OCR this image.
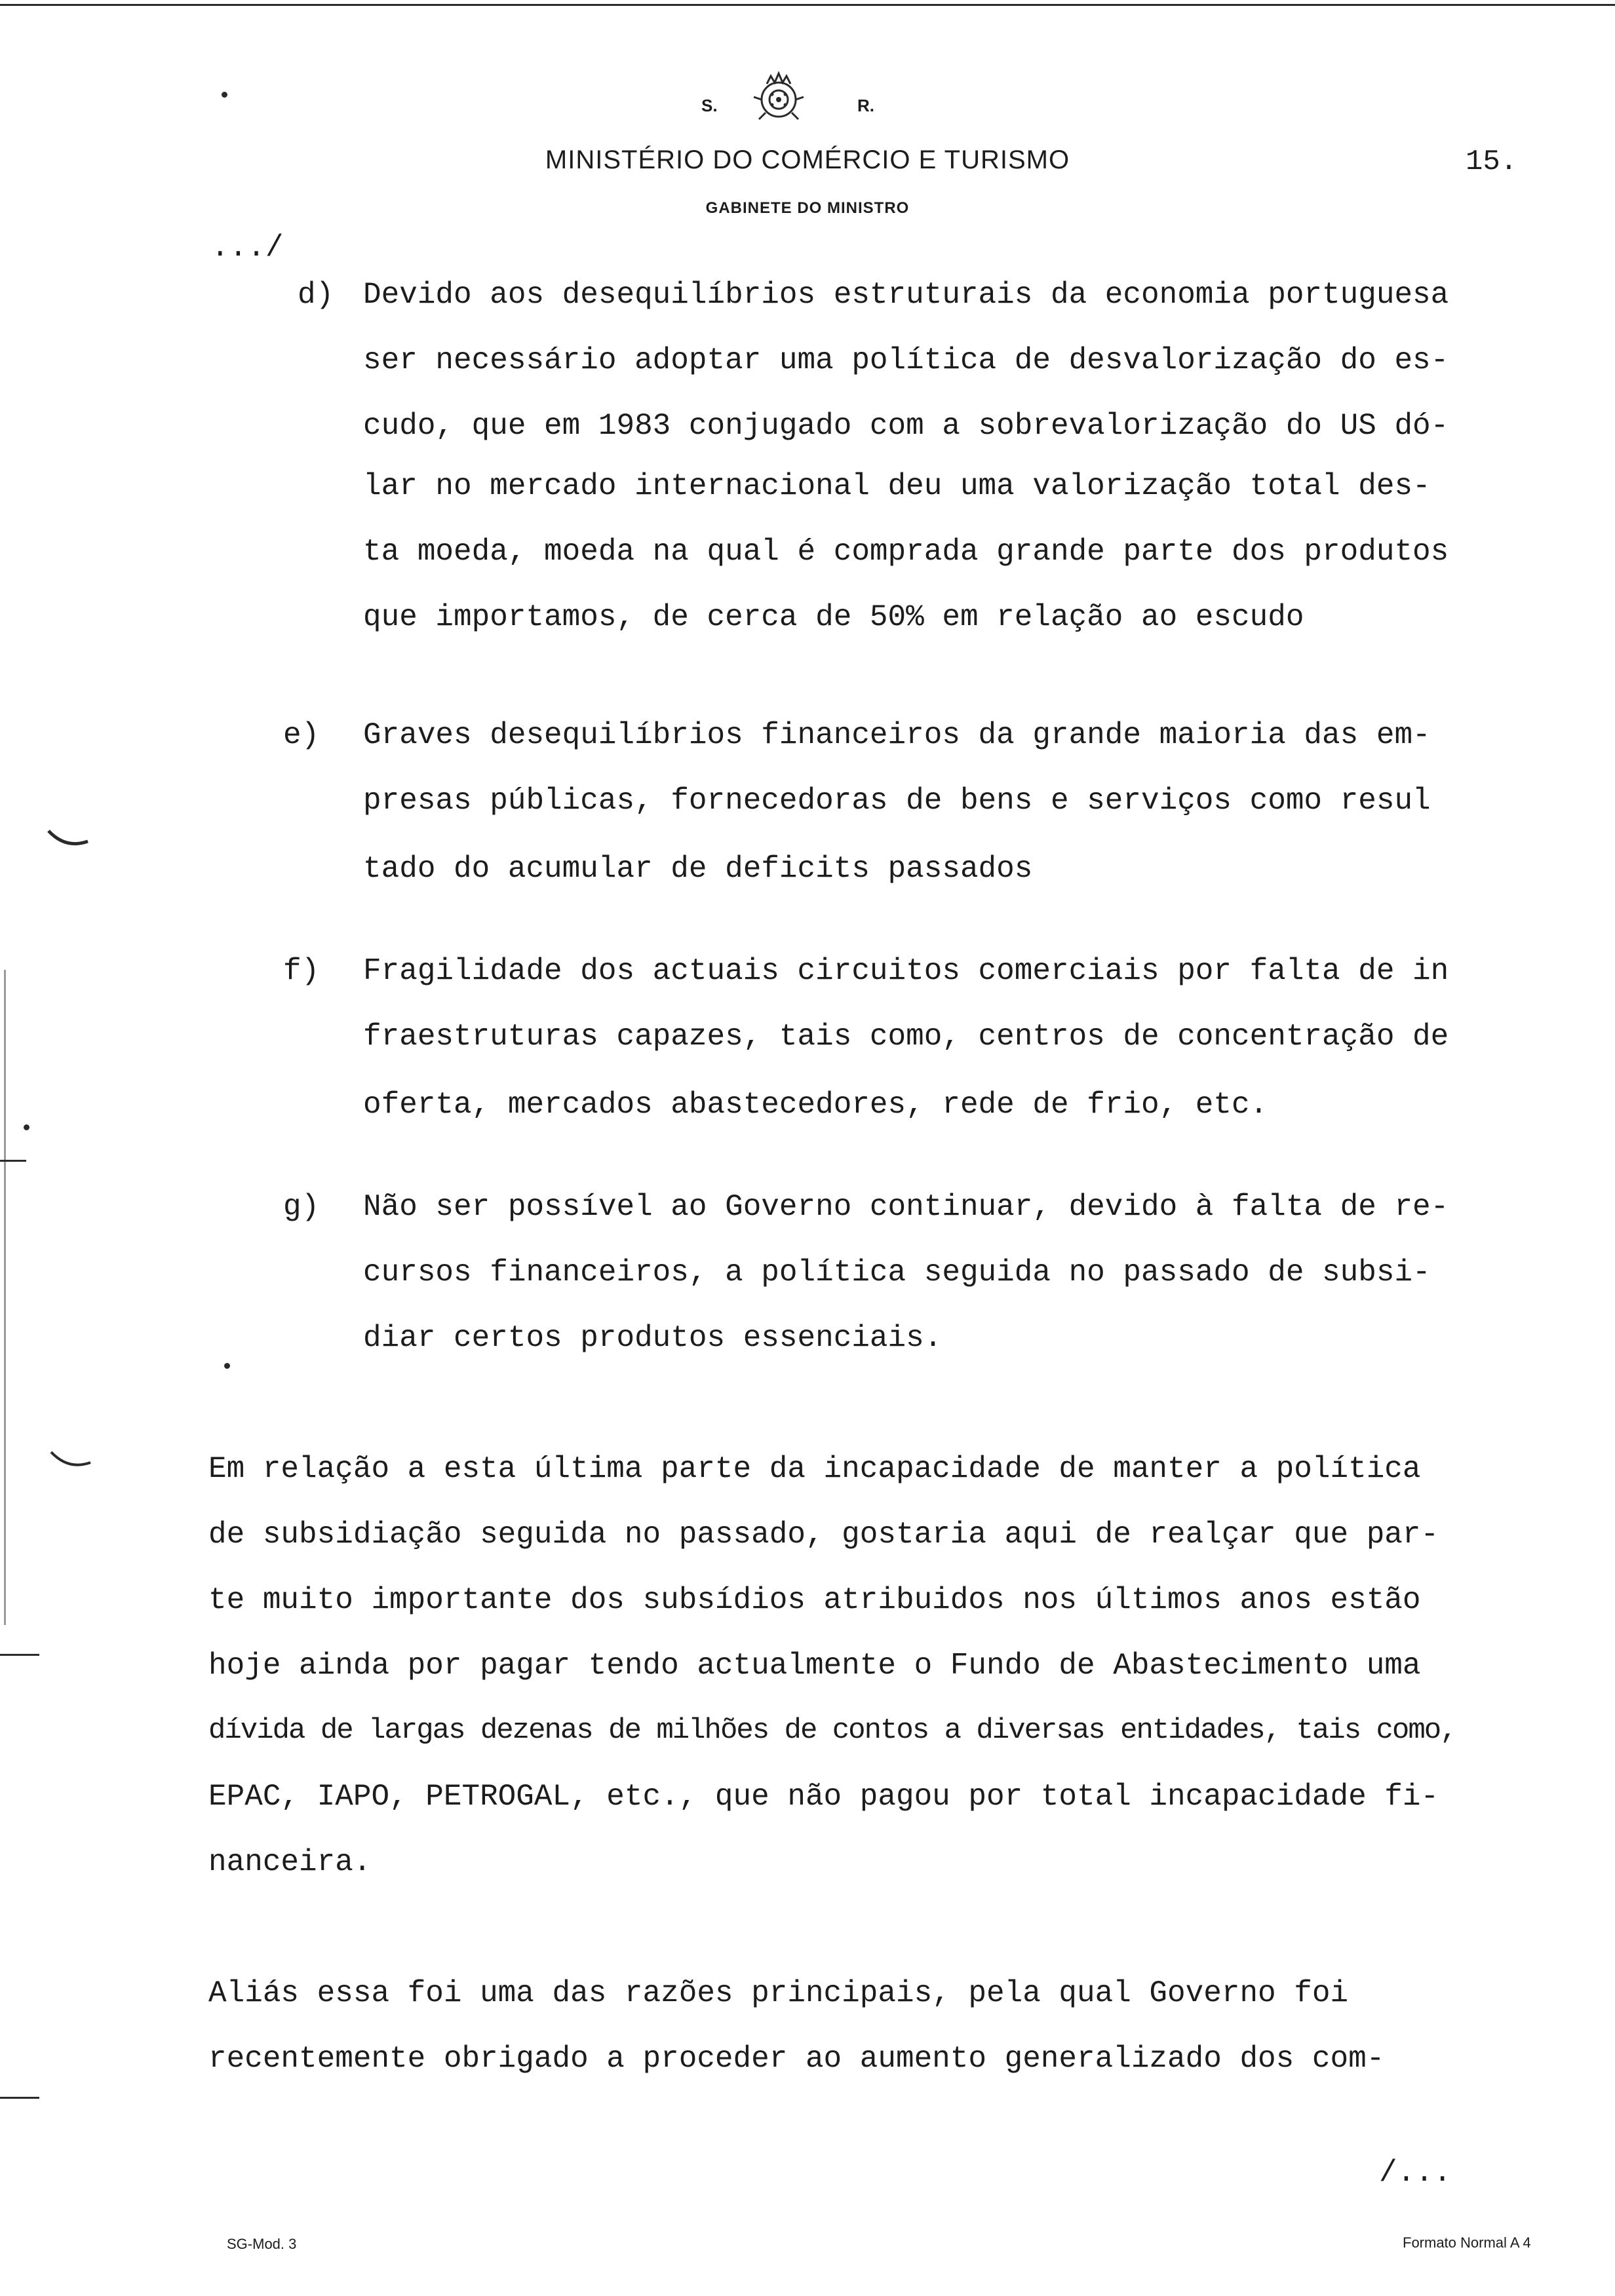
S.	R.
MINISTÉRIO DO COMÉRCIO E TURISMO
GABINETE DO MINISTRO
15.
.../
d) Devido aos desequilíbrios estruturais da economia portuguesa
ser necessário adoptar uma política de desvalorização do es-
cudo, que em 1983 conjugado com a sobrevalorização do US dó-
lar no mercado internacional deu uma valorização total des-
ta moeda, moeda na qual é comprada grande parte dos produtos
que importamos, de cerca de 50% em relação ao escudo
e) Graves desequilíbrios financeiros da grande maioria das em-
presas públicas, fornecedoras de bens e serviços como resul
tado do acumular de deficits passados
f) Fragilidade dos actuais circuitos comerciais por falta de in
fraestruturas capazes, tais como, centros de concentração de
oferta, mercados abastecedores, rede de frio, etc.
g) Não ser possível ao Governo continuar, devido à falta de re-
cursos financeiros, a política seguida no passado de subsi-
diar certos produtos essenciais.
Em relação a esta última parte da incapacidade de manter a política
de subsidiação seguida no passado, gostaria aqui de realçar que par-
te muito importante dos subsídios atribuidos nos últimos anos estão
hoje ainda por pagar tendo actualmente o Fundo de Abastecimento uma
dívida de largas dezenas de milhões de contos a diversas entidades, tais como,
EPAC, IAPO, PETROGAL, etc., que não pagou por total incapacidade fi-
nanceira.
Aliás essa foi uma das razões principais, pela qual Governo foi
recentemente obrigado a proceder ao aumento generalizado dos com-
/...
SG-Mod. 3	Formato Normal A 4
